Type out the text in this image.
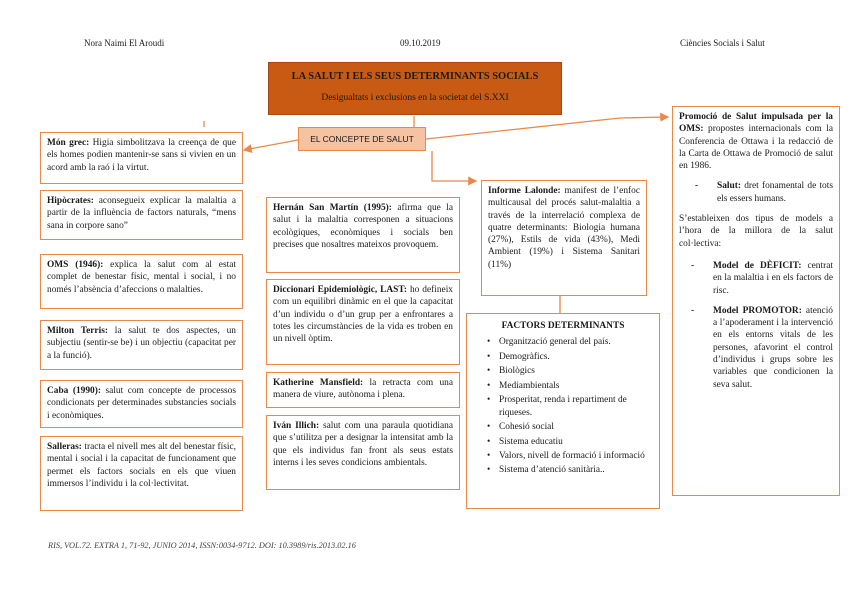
Nora Naimi El Aroudi	09.10.2019	Ciències Socials i Salut
LA SALUT I ELS SEUS DETERMINANTS SOCIALS
Desigualtats i exclusions en la societat del S.XXI
EL CONCEPTE DE SALUT
Món grec: Higia simbolitzava la creença de que els homes podien mantenir-se sans si vivien en un acord amb la raó i la virtut.
Hipòcrates: aconsegueix explicar la malaltia a partir de la influència de factors naturals, “mens sana in corpore sano”
OMS (1946): explica la salut com al estat complet de benestar físic, mental i social, i no només l’absència d’afeccions o malalties.
Milton Terris: la salut te dos aspectes, un subjectiu (sentir-se be) i un objectiu (capacitat per a la funció).
Caba (1990): salut com concepte de processos condicionats per determinades substancies socials i econòmiques.
Salleras: tracta el nivell mes alt del benestar físic, mental i social i la capacitat de funcionament que permet els factors socials en els que viuen immersos l’individu i la col·lectivitat.
Hernán San Martín (1995): afirma que la salut i la malaltia corresponen a situacions ecològiques, econòmiques i socials ben precises que nosaltres mateixos provoquem.
Diccionari Epidemiològic, LAST: ho defineix com un equilibri dinàmic en el que la capacitat d’un individu o d’un grup per a enfrontares a totes les circumstàncies de la vida es troben en un nivell òptim.
Katherine Mansfield: la retracta com una manera de viure, autònoma i plena.
Iván Illich: salut com una paraula quotidiana que s’utilitza per a designar la intensitat amb la que els individus fan front als seus estats interns i les seves condicions ambientals.
Informe Lalonde: manifest de l’enfoc multicausal del procés salut-malaltia a través de la interrelació complexa de quatre determinants: Biologia humana (27%), Estils de vida (43%), Medi Ambient (19%) i Sistema Sanitari (11%)
FACTORS DETERMINANTS
• Organització general del país.
• Demogràfics.
• Biològics
• Mediambientals
• Prosperitat, renda i repartiment de riqueses.
• Cohesió social
• Sistema educatiu
• Valors, nivell de formació i informació
• Sistema d’atenció sanitària..
Promoció de Salut impulsada per la OMS: propostes internacionals com la Conferencia de Ottawa i la redacció de la Carta de Ottawa de Promoció de salut en 1986.
- Salut: dret fonamental de tots els essers humans.
S’estableixen dos tipus de models a l’hora de la millora de la salut col·lectiva:
- Model de DÈFICIT: centrat en la malaltia i en els factors de risc.
- Model PROMOTOR: atenció a l’apoderament i la intervenció en els entorns vitals de les persones, afavorint el control d’individus i grups sobre les variables que condicionen la seva salut.
RIS, VOL.72. EXTRA 1, 71-92, JUNIO 2014, ISSN:0034-9712. DOI: 10.3989/ris.2013.02.16
